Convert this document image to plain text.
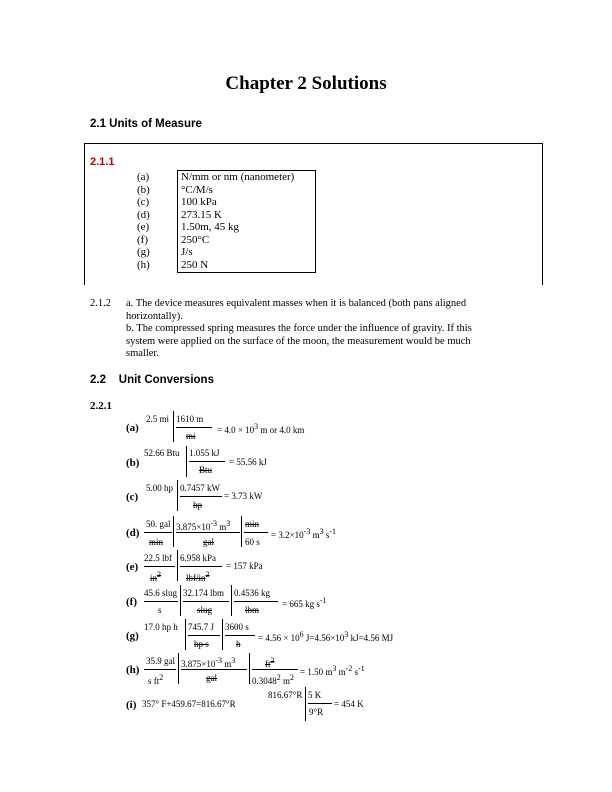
Chapter 2 Solutions
2.1 Units of Measure
2.1.1
(a)	N/mm or nm (nanometer)
(b)	°C/M/s
(c)	100 kPa
(d)	273.15 K
(e)	1.50m, 45 kg
(f)	250°C
(g)	J/s
(h)	250 N
2.1.2 a. The device measures equivalent masses when it is balanced (both pans aligned
horizontally).
b. The compressed spring measures the force under the influence of gravity. If this
system were applied on the surface of the moon, the measurement would be much
smaller.
2.2    Unit Conversions
2.2.1
(a)
2.5 mi 1610 m
mi
= $4.0 \times 10^3$ m or 4.0 km
(b)
52.66 Btu 1.055 kJ
Btu
= 55.56 kJ
(c)
5.00 hp 0.7457 kW
hp
= 3.73 kW
(d)
50. gal
min
$3.875\times 10^{-3}$ $m^3$
gal
min
60 s
= $3.2\times 10^{-3}$ $m^3$ $s^{-1}$
(e)
22.5 lbf
$in^2$
6.958 kPa
lbf/$in^2$
= 157 kPa
(f)
45.6 slug
s
32.174 lbm
slug
0.4536 kg
lbm
= 665 kg $s^{-1}$
(g)
17.0 hp h 745.7 J
hp s
3600 s
h
= $4.56 \times 10^6$ $J=4.56\times 10^3$ kJ=4.56 MJ
(h)
35.9 gal
s $ft^2$
$3.875\times 10^{-3}$ $m^3$
gal
$ft^2$
0.3048$^2$ $m^2$
= 1.50 $m^3$ $m^{-2}$ $s^{-1}$
(i) 357° F+459.67=816.67°R
816.67°R 5 K
9°R
= 454 K
